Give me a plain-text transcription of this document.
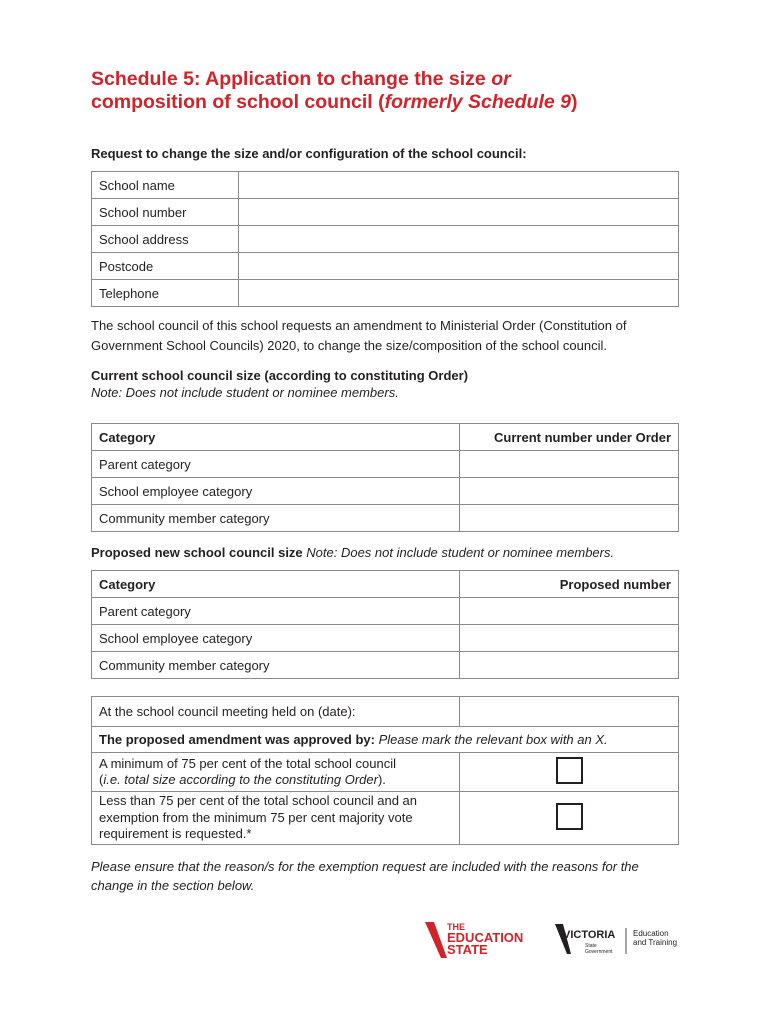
Schedule 5: Application to change the size or
composition of school council (formerly Schedule 9)

Request to change the size and/or configuration of the school council:

School name	
School number	
School address	
Postcode	
Telephone	

The school council of this school requests an amendment to Ministerial Order (Constitution of Government School Councils) 2020, to change the size/composition of the school council.

Current school council size (according to constituting Order)

Note: Does not include student or nominee members.

Category	Current number under Order
Parent category	
School employee category	
Community member category	

Proposed new school council size Note: Does not include student or nominee members.

Category	Proposed number
Parent category	
School employee category	
Community member category	
At the school council meeting held on (date):	
The proposed amendment was approved by: Please mark the relevant box with an X.	
A minimum of 75 per cent of the total school council
(i.e. total size according to the constituting Order).	
Less than 75 per cent of the total school council and an exemption from the minimum 75 per cent majority vote requirement is requested.*	

Please ensure that the reason/s for the exemption request are included with the reasons for the change in the section below.

THE
EDUCATION
STATE
VICTORIA
State
Government
Education
and Training
